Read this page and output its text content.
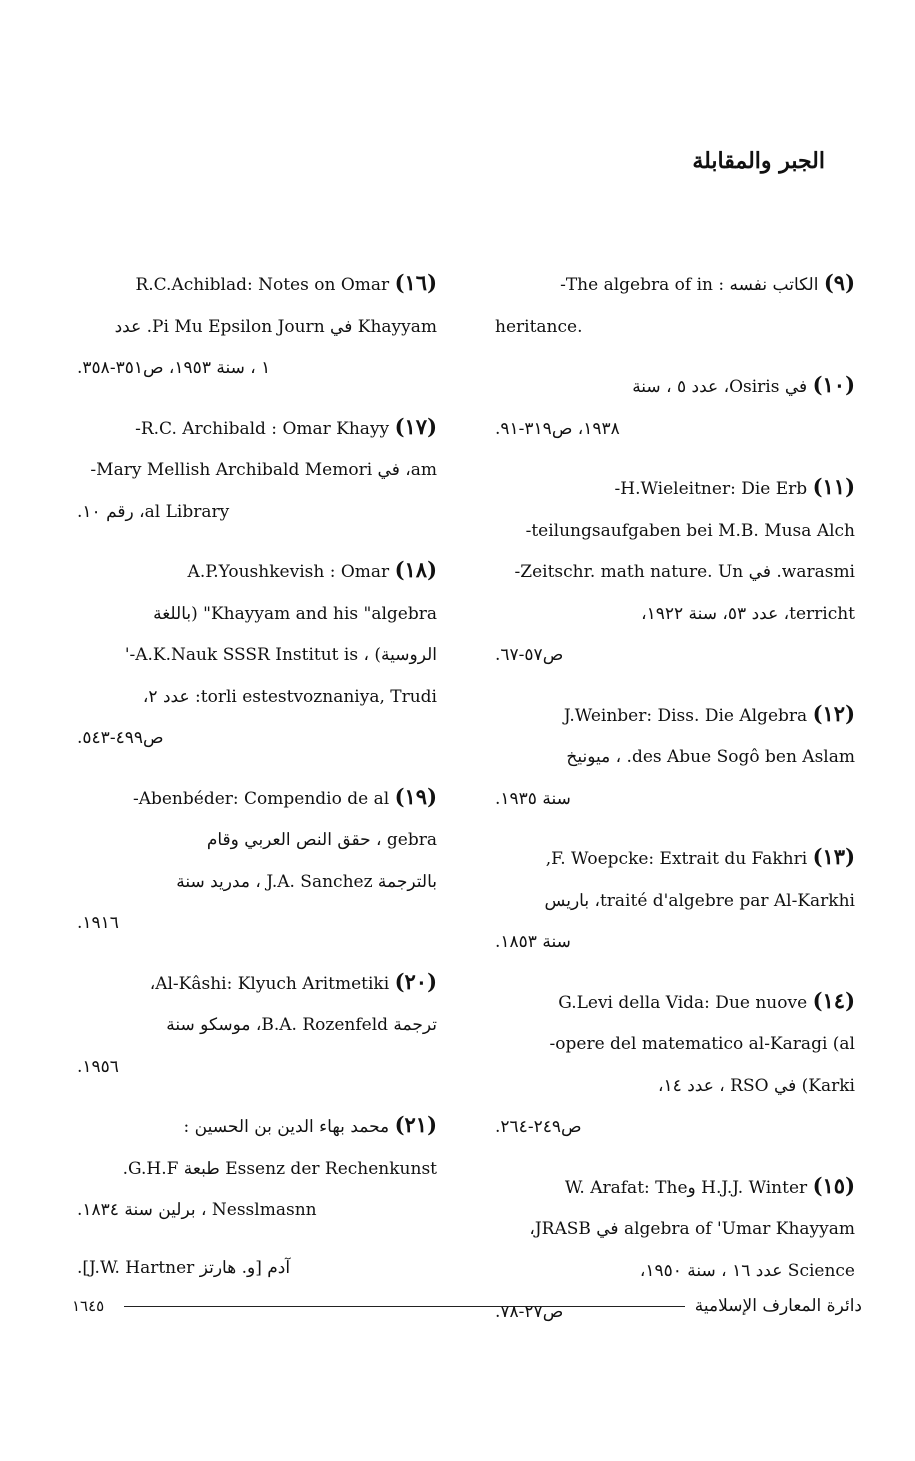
الجبر والمقابلة

(٩) الكاتب نفسه : The algebra of in-

.heritance

(١٠) في Osiris، عدد ٥ ، سنة

١٩٣٨، ص٣١٩-٩١.

(١١) H.Wieleitner: Die Erb-

teilungsaufgaben bei M.B. Musa Alch-

warasmi. في Zeitschr. math nature. Un-

terricht، عدد ٥٣، سنة ١٩٢٢،

ص٥٧-٦٧.

(١٢) J.Weinber: Diss. Die Algebra

des Abue Sogô ben Aslam. ، ميونيخ

سنة ١٩٣٥.

(١٣) F. Woepcke: Extrait du Fakhri,

traité d'algebre par Al-Karkhi، باريس

سنة ١٨٥٣.

(١٤) G.Levi della Vida: Due nuove

opere del matematico al-Karagi (al-

Karki) في RSO ، عدد ١٤،

ص٢٤٩-٢٦٤.

(١٥) H.J.J. Winter وW. Arafat: The

algebra of 'Umar Khayyam في JRASB،

Science عدد ١٦ ، سنة ١٩٥٠،

ص٢٧-٧٨.

(١٦) R.C.Achiblad: Notes on Omar

Khayyam في Pi Mu Epsilon Journ. عدد

١ ، سنة ١٩٥٣، ص٣٥١-٣٥٨.

(١٧) R.C. Archibald : Omar Khayy-

am، في Mary Mellish Archibald Memori-

al Library، رقم ١٠.

(١٨) A.P.Youshkevish : Omar

Khayyam and his "algebra" (باللغة

الروسية) ، A.K.Nauk SSSR Institut is-'

torli estestvoznaniya, Trudi: عدد ٢،

ص٤٩٩-٥٤٣.

(١٩) Abenbéder: Compendio de al-

gebra ، حقق النص العربي وقام

بالترجمة J.A. Sanchez ، مدريد سنة

١٩١٦.

(٢٠) Al-Kâshi: Klyuch Aritmetiki،

ترجمة B.A. Rozenfeld، موسكو سنة

١٩٥٦.

(٢١) محمد بهاء الدين بن الحسين :

Essenz der Rechenkunst طبعة G.H.F.

Nesslmasnn ، برلين سنة ١٨٣٤.

آدم [و. هارتز J.W. Hartner].

١٦٤٥	دائرة المعارف الإسلامية
